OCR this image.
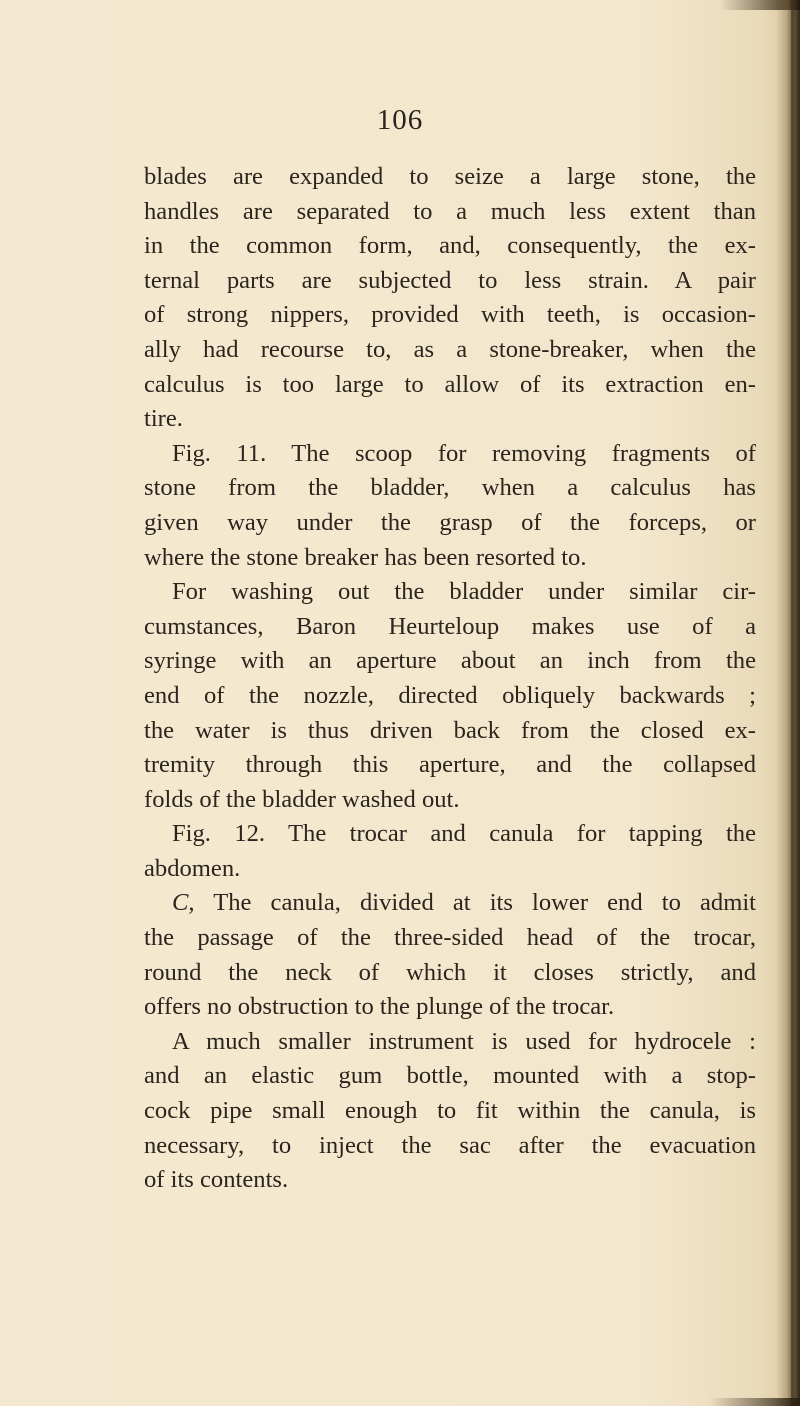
106
blades are expanded to seize a large stone, the
handles are separated to a much less extent than
in the common form, and, consequently, the ex-
ternal parts are subjected to less strain. A pair
of strong nippers, provided with teeth, is occasion-
ally had recourse to, as a stone-breaker, when the
calculus is too large to allow of its extraction en-
tire.
Fig. 11. The scoop for removing fragments of
stone from the bladder, when a calculus has
given way under the grasp of the forceps, or
where the stone breaker has been resorted to.
For washing out the bladder under similar cir-
cumstances, Baron Heurteloup makes use of a
syringe with an aperture about an inch from the
end of the nozzle, directed obliquely backwards ;
the water is thus driven back from the closed ex-
tremity through this aperture, and the collapsed
folds of the bladder washed out.
Fig. 12. The trocar and canula for tapping the
abdomen.
C, The canula, divided at its lower end to admit
the passage of the three-sided head of the trocar,
round the neck of which it closes strictly, and
offers no obstruction to the plunge of the trocar.
A much smaller instrument is used for hydrocele :
and an elastic gum bottle, mounted with a stop-
cock pipe small enough to fit within the canula, is
necessary, to inject the sac after the evacuation
of its contents.
